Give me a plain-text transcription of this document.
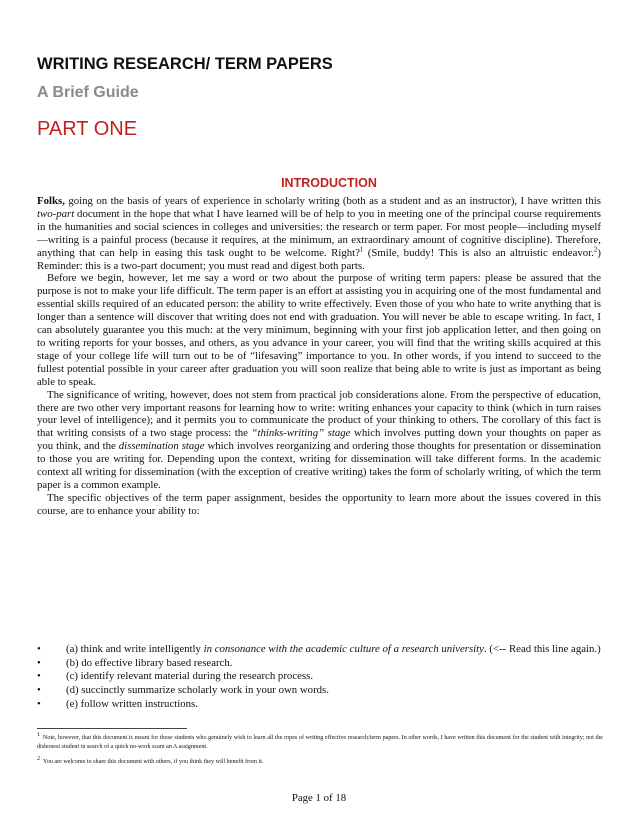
WRITING RESEARCH/ TERM PAPERS
A Brief Guide
PART ONE
INTRODUCTION

Folks, going on the basis of years of experience in scholarly writing (both as a student and as an instructor), I have written this two-part document in the hope that what I have learned will be of help to you in meeting one of the principal course requirements in the humanities and social sciences in colleges and universities: the research or term paper. For most people—including myself—writing is a painful process (because it requires, at the minimum, an extraordinary amount of cognitive discipline). Therefore, anything that can help in easing this task ought to be welcome. Right?$^1$ (Smile, buddy! This is also an altruistic endeavor.$^2$) Reminder: this is a two-part document; you must read and digest both parts.

Before we begin, however, let me say a word or two about the purpose of writing term papers: please be assured that the purpose is not to make your life difficult. The term paper is an effort at assisting you in acquiring one of the most fundamental and essential skills required of an educated person: the ability to write effectively. Even those of you who hate to write anything that is longer than a sentence will discover that writing does not end with graduation. You will never be able to escape writing. In fact, I can absolutely guarantee you this much: at the very minimum, beginning with your first job application letter, and then going on to writing reports for your bosses, and others, as you advance in your career, you will find that the writing skills acquired at this stage of your college life will turn out to be of “lifesaving” importance to you. In other words, if you intend to succeed to the fullest potential possible in your career after graduation you will soon realize that being able to write is just as important as being able to speak.

The significance of writing, however, does not stem from practical job considerations alone. From the perspective of education, there are two other very important reasons for learning how to write: writing enhances your capacity to think (which in turn raises your level of intelligence); and it permits you to communicate the product of your thinking to others. The corollary of this fact is that writing consists of a two stage process: the “thinks-writing” stage which involves putting down your thoughts on paper as you think, and the dissemination stage which involves reorganizing and ordering those thoughts for presentation or dissemination to those you are writing for. Depending upon the context, writing for dissemination will take different forms. In the academic context all writing for dissemination (with the exception of creative writing) takes the form of scholarly writing, of which the term paper is a common example.

The specific objectives of the term paper assignment, besides the opportunity to learn more about the issues covered in this course, are to enhance your ability to:

• (a) think and write intelligently in consonance with the academic culture of a research university. (<-- Read this line again.)
• (b) do effective library based research.
• (c) identify relevant material during the research process.
• (d) succinctly summarize scholarly work in your own words.
• (e) follow written instructions.

1Note, however, that this document is meant for those students who genuinely wish to learn all the ropes of writing effective research/term papers. In other words, I have written this document for the student with integrity; not the dishonest student in search of a quick no-work scam an A assignment.

2You are welcome to share this document with others, if you think they will benefit from it.

Page 1 of 18
